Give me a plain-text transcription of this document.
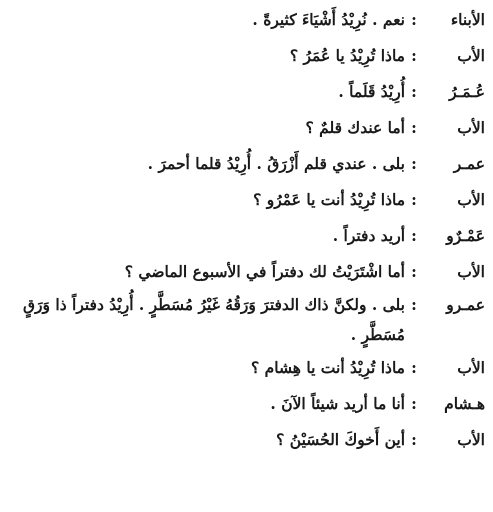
الأبناء
:
نعم . نُرِيْدُ أَشْيَاءَ كثيرةً .
الأب
:
ماذا تُرِيْدُ يا عُمَرُ ؟
عُـمَـرُ
:
أُرِيْدُ قَلَماً .
الأب
:
أما عندك قلمٌ ؟
عمـر
:
بلى . عندي قلم أَزْرَقُ . أُرِيْدُ قلما أحمرَ .
الأب
:
ماذا تُرِيْدُ أنت يا عَمْرُو ؟
عَمْـرٌو
:
أريد دفتراً .
الأب
:
أما اشْتَرَيْتُ لك دفتراً في الأسبوع الماضي ؟
عمـرو
:
بلى . ولكنَّ ذاك الدفترَ وَرَقُهُ غَيْرُ مُسَطَّرٍ . أُرِيْدُ دفتراً ذا وَرَقٍ
مُسَطَّرٍ .
الأب
:
ماذا تُرِيْدُ أنت يا هِشام ؟
هـشام
:
أنا ما أريد شيئاً الآنَ .
الأب
:
أين أَخوكَ الحُسَيْنُ ؟
